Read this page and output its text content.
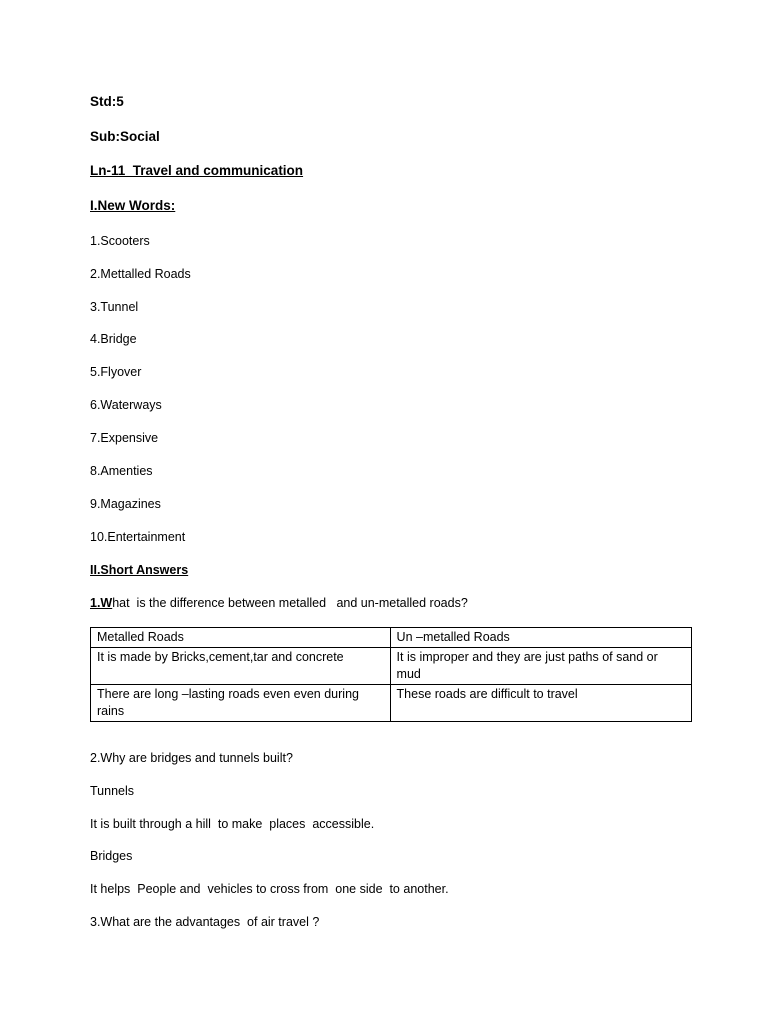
Std:5
Sub:Social
Ln-11  Travel and communication
I.New Words:
1.Scooters
2.Mettalled Roads
3.Tunnel
4.Bridge
5.Flyover
6.Waterways
7.Expensive
8.Amenties
9.Magazines
10.Entertainment
II.Short Answers
1.What  is the difference between metalled   and un-metalled roads?
Metalled Roads	Un –metalled Roads
It is made by Bricks,cement,tar and concrete	It is improper and they are just paths of sand or mud
There are long –lasting roads even even during rains	These roads are difficult to travel
2.Why are bridges and tunnels built?
Tunnels
It is built through a hill  to make  places  accessible.
Bridges
It helps  People and  vehicles to cross from  one side  to another.
3.What are the advantages  of air travel ?
